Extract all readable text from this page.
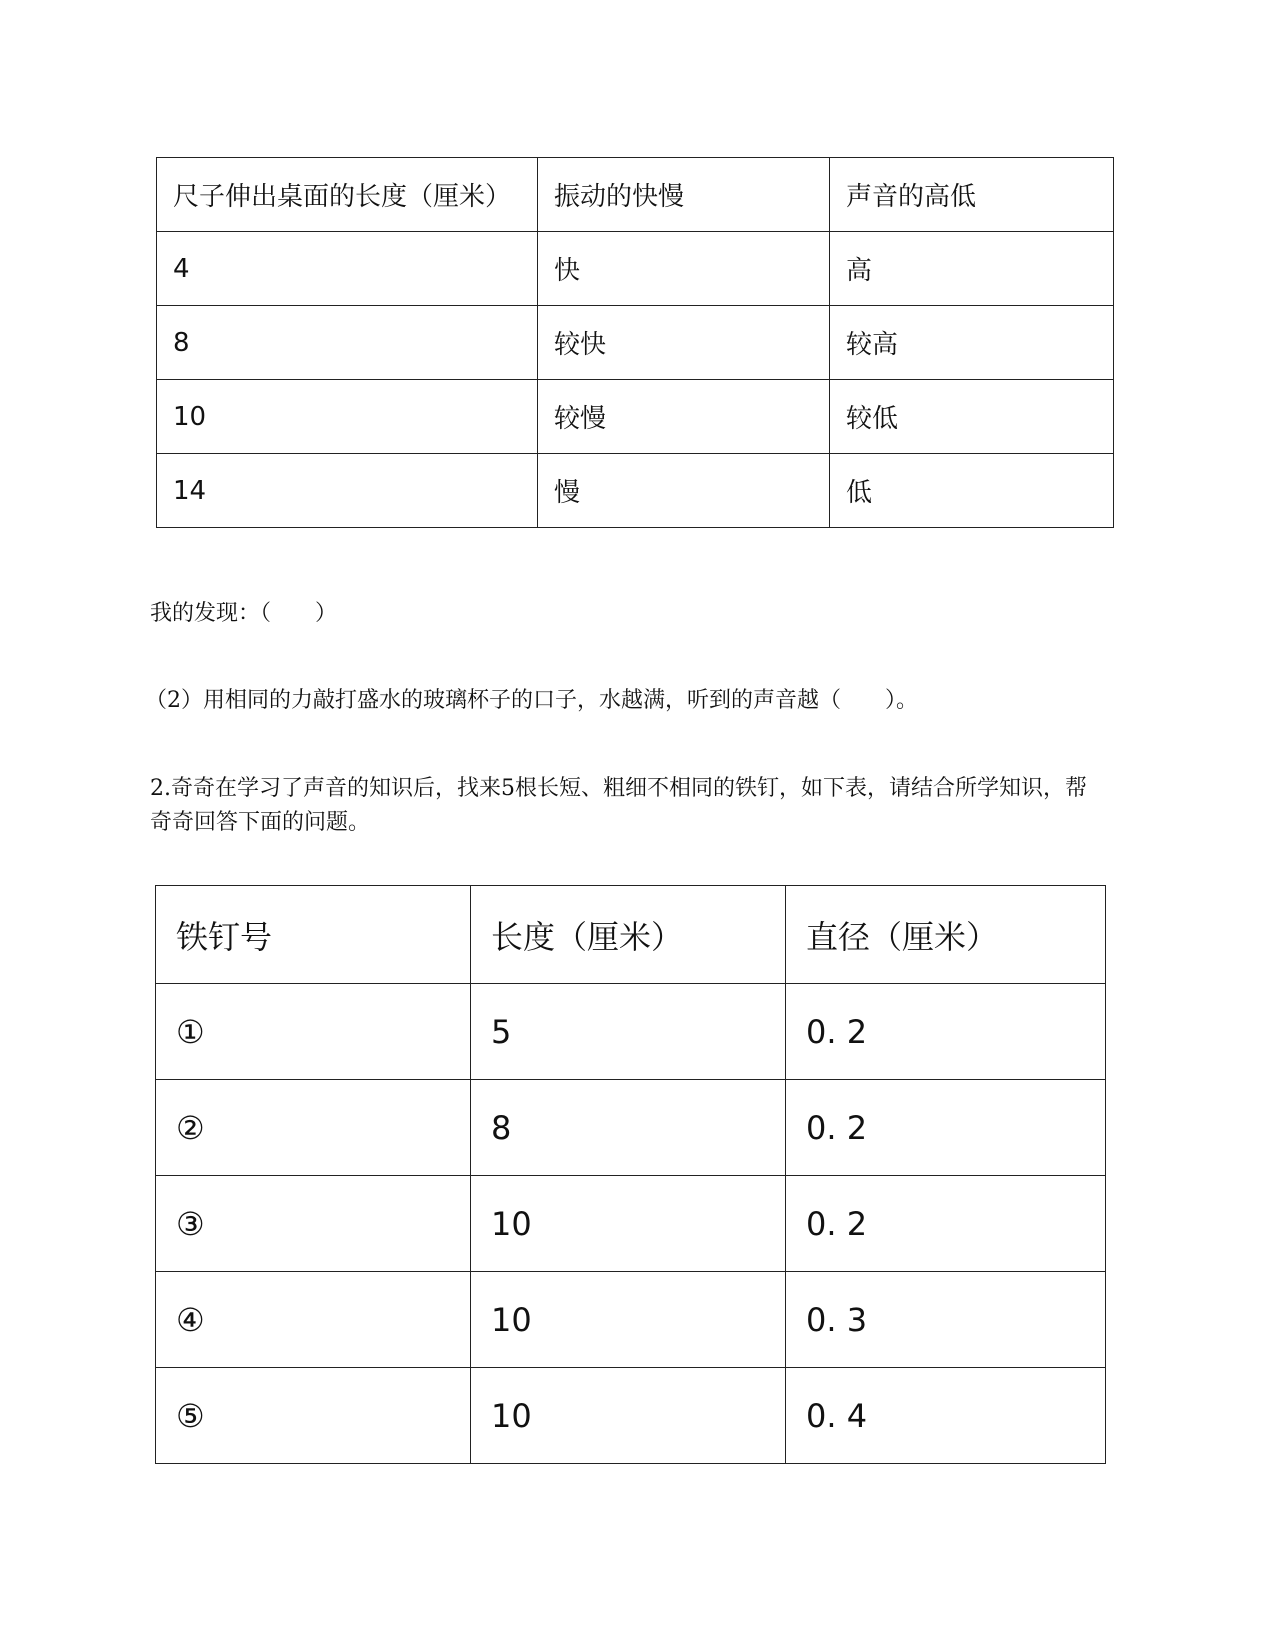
尺子伸出桌面的长度（厘米）	振动的快慢	声音的高低
4	快	高
8	较快	较高
10	较慢	较低
14	慢	低
我的发现：（　　）
（2）用相同的力敲打盛水的玻璃杯子的口子，水越满，听到的声音越（　　）。
2.奇奇在学习了声音的知识后，找来5根长短、粗细不相同的铁钉，如下表，请结合所学知识，帮奇奇回答下面的问题。
铁钉号	长度（厘米）	直径（厘米）
①	5	0. 2
②	8	0. 2
③	10	0. 2
④	10	0. 3
⑤	10	0. 4
